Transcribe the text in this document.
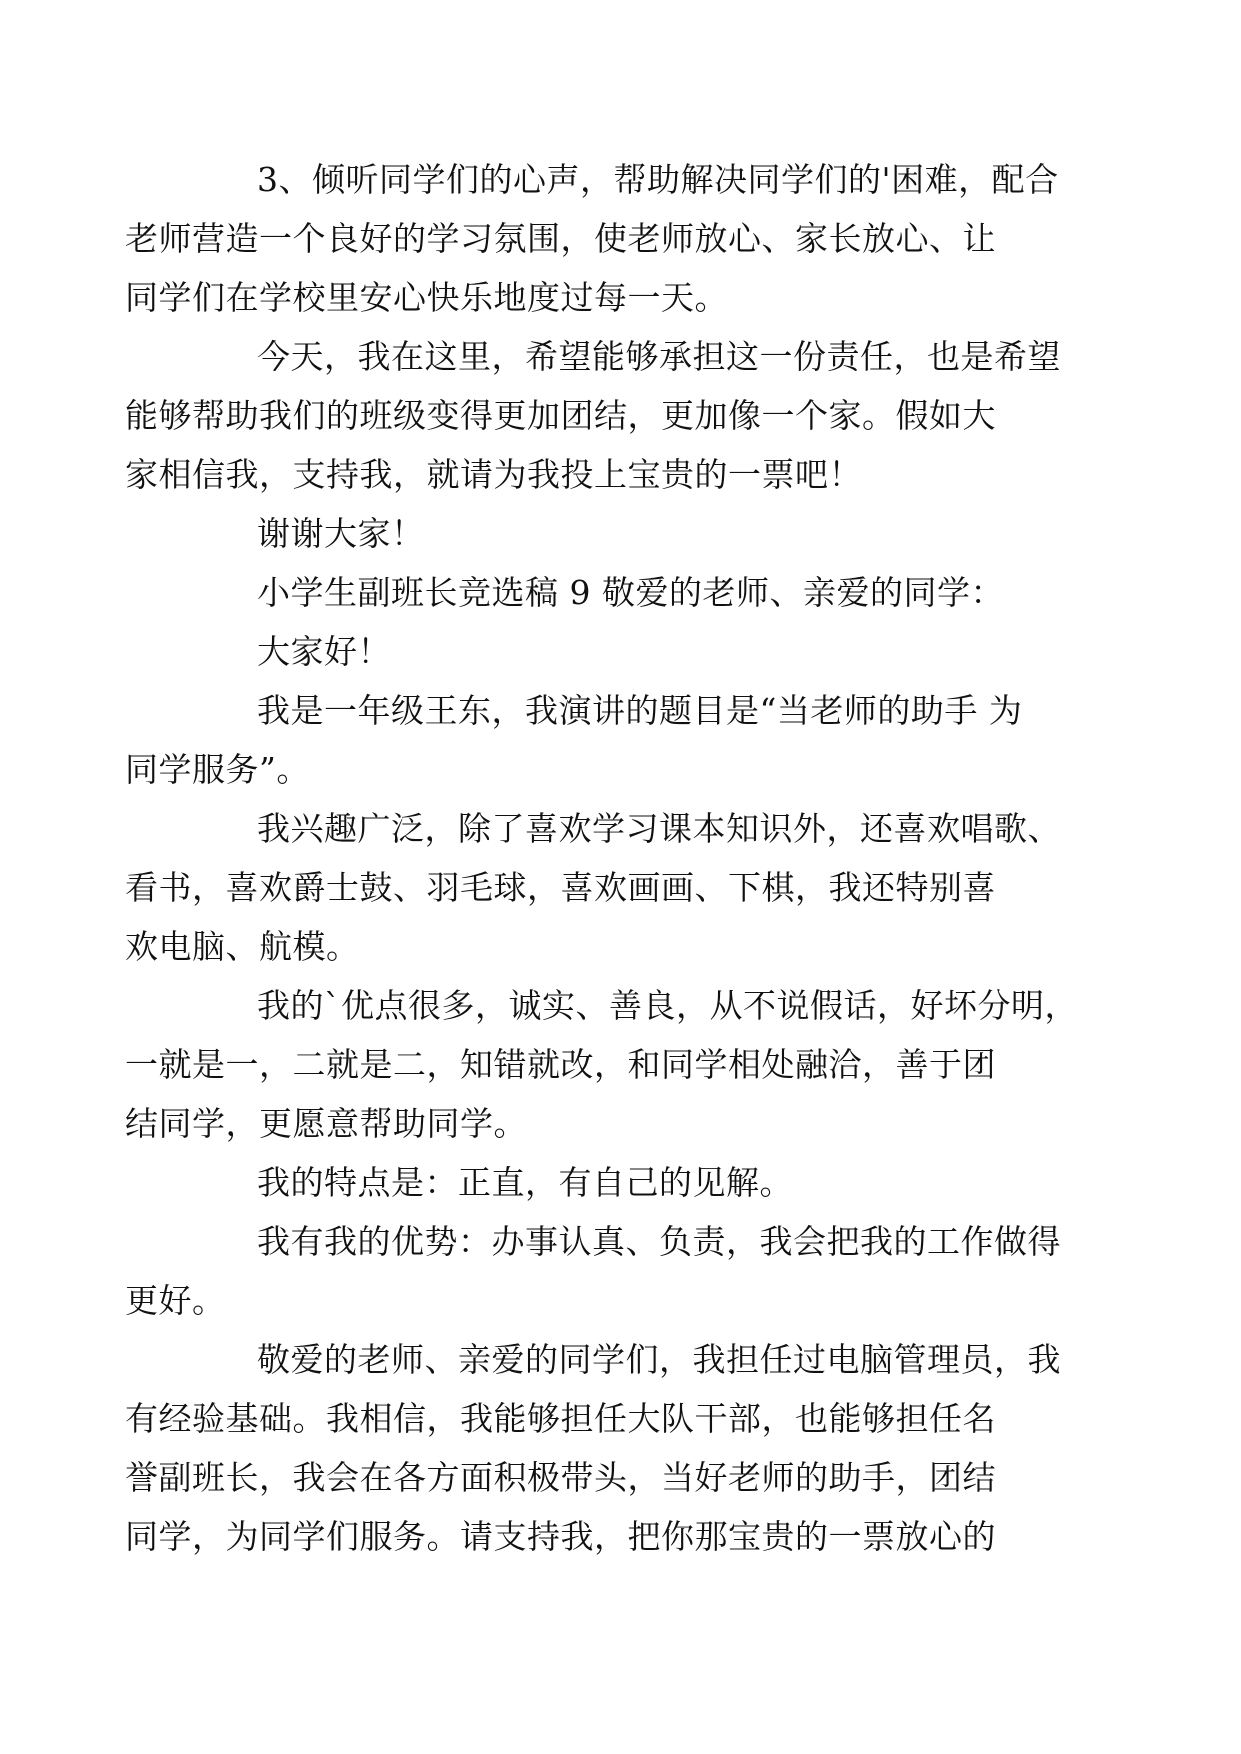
3、倾听同学们的心声，帮助解决同学们的'困难，配合
老师营造一个良好的学习氛围，使老师放心、家长放心、让
同学们在学校里安心快乐地度过每一天。

今天，我在这里，希望能够承担这一份责任，也是希望
能够帮助我们的班级变得更加团结，更加像一个家。假如大
家相信我，支持我，就请为我投上宝贵的一票吧！

谢谢大家！

小学生副班长竞选稿 9 敬爱的老师、亲爱的同学：

大家好！

我是一年级王东，我演讲的题目是“当老师的助手 为
同学服务”。

我兴趣广泛，除了喜欢学习课本知识外，还喜欢唱歌、
看书，喜欢爵士鼓、羽毛球，喜欢画画、下棋，我还特别喜
欢电脑、航模。

我的`优点很多，诚实、善良，从不说假话，好坏分明，
一就是一，二就是二，知错就改，和同学相处融洽，善于团
结同学，更愿意帮助同学。

我的特点是：正直，有自己的见解。

我有我的优势：办事认真、负责，我会把我的工作做得
更好。

敬爱的老师、亲爱的同学们，我担任过电脑管理员，我
有经验基础。我相信，我能够担任大队干部，也能够担任名
誉副班长，我会在各方面积极带头，当好老师的助手，团结
同学，为同学们服务。请支持我，把你那宝贵的一票放心的
